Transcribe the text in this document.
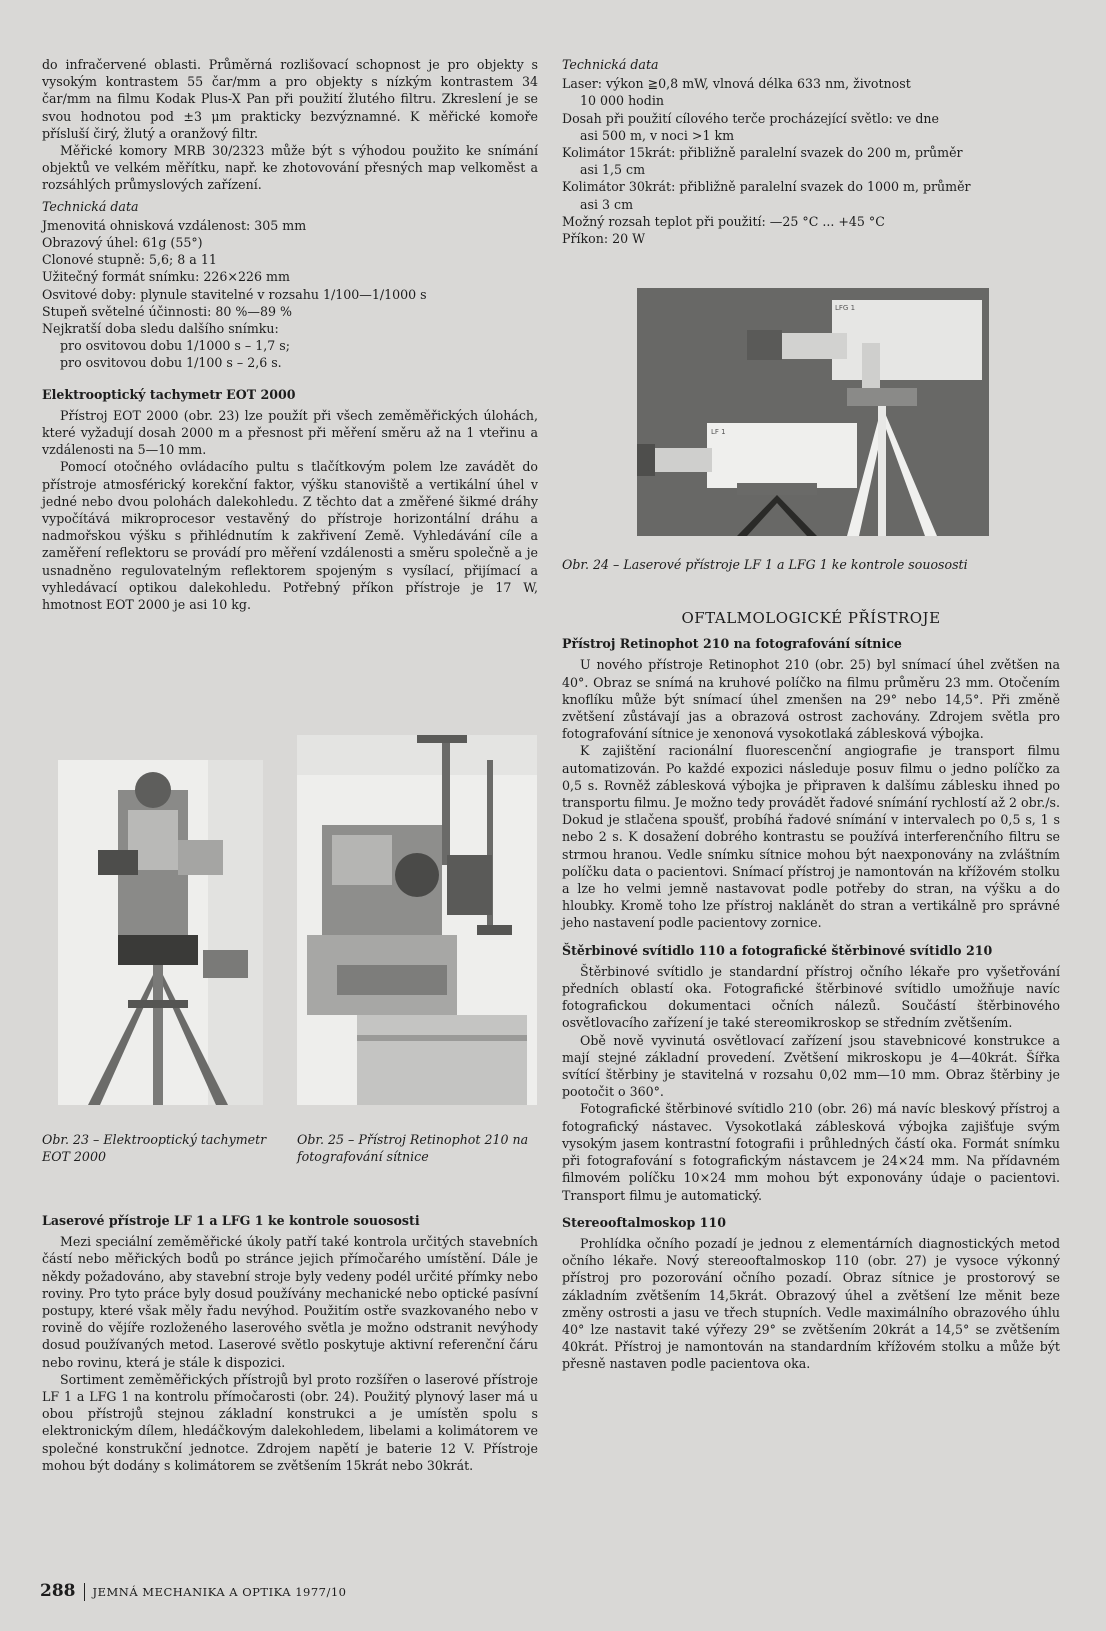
do infračervené oblasti. Průměrná rozlišovací schopnost je pro objekty s vysokým kontrastem 55 čar/mm a pro objekty s nízkým kontrastem 34 čar/mm na filmu Kodak Plus-X Pan při použití žlutého filtru. Zkreslení je se svou hodnotou pod ±3 μm prakticky bezvýznamné. K měřické komoře přísluší čirý, žlutý a oranžový filtr.

Měřické komory MRB 30/2323 může být s výhodou použito ke snímání objektů ve velkém měřítku, např. ke zhotovování přesných map velkoměst a rozsáhlých průmyslových zařízení.

Technická data
Jmenovitá ohnisková vzdálenost: 305 mm
Obrazový úhel: 61g (55°)
Clonové stupně: 5,6; 8 a 11
Užitečný formát snímku: 226×226 mm
Osvitové doby: plynule stavitelné v rozsahu 1/100—1/1000 s
Stupeň světelné účinnosti: 80 %—89 %
Nejkratší doba sledu dalšího snímku:
pro osvitovou dobu 1/1000 s – 1,7 s;
pro osvitovou dobu 1/100 s – 2,6 s.
Elektrooptický tachymetr EOT 2000

Přístroj EOT 2000 (obr. 23) lze použít při všech zeměměřických úlohách, které vyžadují dosah 2000 m a přesnost při měření směru až na 1 vteřinu a vzdálenosti na 5—10 mm.

Pomocí otočného ovládacího pultu s tlačítkovým polem lze zavádět do přístroje atmosférický korekční faktor, výšku stanoviště a vertikální úhel v jedné nebo dvou polohách dalekohledu. Z těchto dat a změřené šikmé dráhy vypočítává mikroprocesor vestavěný do přístroje horizontální dráhu a nadmořskou výšku s přihlédnutím k zakřivení Země. Vyhledávání cíle a zaměření reflektoru se provádí pro měření vzdálenosti a směru společně a je usnadněno regulovatelným reflektorem spojeným s vysílací, přijímací a vyhledávací optikou dalekohledu. Potřebný příkon přístroje je 17 W, hmotnost EOT 2000 je asi 10 kg.

Obr. 23 – Elektrooptický tachymetr EOT 2000
Obr. 25 – Přístroj Retinophot 210 na fotografování sítnice
Laserové přístroje LF 1 a LFG 1 ke kontrole souososti

Mezi speciální zeměměřické úkoly patří také kontrola určitých stavebních částí nebo měřických bodů po stránce jejich přímočarého umístění. Dále je někdy požadováno, aby stavební stroje byly vedeny podél určité přímky nebo roviny. Pro tyto práce byly dosud používány mechanické nebo optické pasívní postupy, které však měly řadu nevýhod. Použitím ostře svazkovaného nebo v rovině do vějíře rozloženého laserového světla je možno odstranit nevýhody dosud používaných metod. Laserové světlo poskytuje aktivní referenční čáru nebo rovinu, která je stále k dispozici.

Sortiment zeměměřických přístrojů byl proto rozšířen o laserové přístroje LF 1 a LFG 1 na kontrolu přímočarosti (obr. 24). Použitý plynový laser má u obou přístrojů stejnou základní konstrukci a je umístěn spolu s elektronickým dílem, hledáčkovým dalekohledem, libelami a kolimátorem ve společné konstrukční jednotce. Zdrojem napětí je baterie 12 V. Přístroje mohou být dodány s kolimátorem se zvětšením 15krát nebo 30krát.

Technická data
Laser: výkon ≧0,8 mW, vlnová délka 633 nm, životnost
10 000 hodin
Dosah při použití cílového terče procházející světlo: ve dne
asi 500 m, v noci >1 km
Kolimátor 15krát: přibližně paralelní svazek do 200 m, průměr
asi 1,5 cm
Kolimátor 30krát: přibližně paralelní svazek do 1000 m, průměr
asi 3 cm
Možný rozsah teplot při použití: —25 °C ... +45 °C
Příkon: 20 W
LFG 1
LF 1
Obr. 24 – Laserové přístroje LF 1 a LFG 1 ke kontrole souososti
OFTALMOLOGICKÉ PŘÍSTROJE
Přístroj Retinophot 210 na fotografování sítnice

U nového přístroje Retinophot 210 (obr. 25) byl snímací úhel zvětšen na 40°. Obraz se snímá na kruhové políčko na filmu průměru 23 mm. Otočením knoflíku může být snímací úhel zmenšen na 29° nebo 14,5°. Při změně zvětšení zůstávají jas a obrazová ostrost zachovány. Zdrojem světla pro fotografování sítnice je xenonová vysokotlaká záblesková výbojka.

K zajištění racionální fluorescenční angiografie je transport filmu automatizován. Po každé expozici následuje posuv filmu o jedno políčko za 0,5 s. Rovněž záblesková výbojka je připraven k dalšímu záblesku ihned po transportu filmu. Je možno tedy provádět řadové snímání rychlostí až 2 obr./s. Dokud je stlačena spoušť, probíhá řadové snímání v intervalech po 0,5 s, 1 s nebo 2 s. K dosažení dobrého kontrastu se používá interferenčního filtru se strmou hranou. Vedle snímku sítnice mohou být naexponovány na zvláštním políčku data o pacientovi. Snímací přístroj je namontován na křížovém stolku a lze ho velmi jemně nastavovat podle potřeby do stran, na výšku a do hloubky. Kromě toho lze přístroj naklánět do stran a vertikálně pro správné jeho nastavení podle pacientovy zornice.

Štěrbinové svítidlo 110 a fotografické štěrbinové svítidlo 210

Štěrbinové svítidlo je standardní přístroj očního lékaře pro vyšetřování předních oblastí oka. Fotografické štěrbinové svítidlo umožňuje navíc fotografickou dokumentaci očních nálezů. Součástí štěrbinového osvětlovacího zařízení je také stereomikroskop se středním zvětšením.

Obě nově vyvinutá osvětlovací zařízení jsou stavebnicové konstrukce a mají stejné základní provedení. Zvětšení mikroskopu je 4—40krát. Šířka svítící štěrbiny je stavitelná v rozsahu 0,02 mm—10 mm. Obraz štěrbiny je pootočit o 360°.

Fotografické štěrbinové svítidlo 210 (obr. 26) má navíc bleskový přístroj a fotografický nástavec. Vysokotlaká záblesková výbojka zajišťuje svým vysokým jasem kontrastní fotografii i průhledných částí oka. Formát snímku při fotografování s fotografickým nástavcem je 24×24 mm. Na přídavném filmovém políčku 10×24 mm mohou být exponovány údaje o pacientovi. Transport filmu je automatický.

Stereooftalmoskop 110

Prohlídka očního pozadí je jednou z elementárních diagnostických metod očního lékaře. Nový stereooftalmoskop 110 (obr. 27) je vysoce výkonný přístroj pro pozorování očního pozadí. Obraz sítnice je prostorový se základním zvětšením 14,5krát. Obrazový úhel a zvětšení lze měnit beze změny ostrosti a jasu ve třech stupních. Vedle maximálního obrazového úhlu 40° lze nastavit také výřezy 29° se zvětšením 20krát a 14,5° se zvětšením 40krát. Přístroj je namontován na standardním křížovém stolku a může být přesně nastaven podle pacientova oka.

288 JEMNÁ MECHANIKA A OPTIKA 1977/10
